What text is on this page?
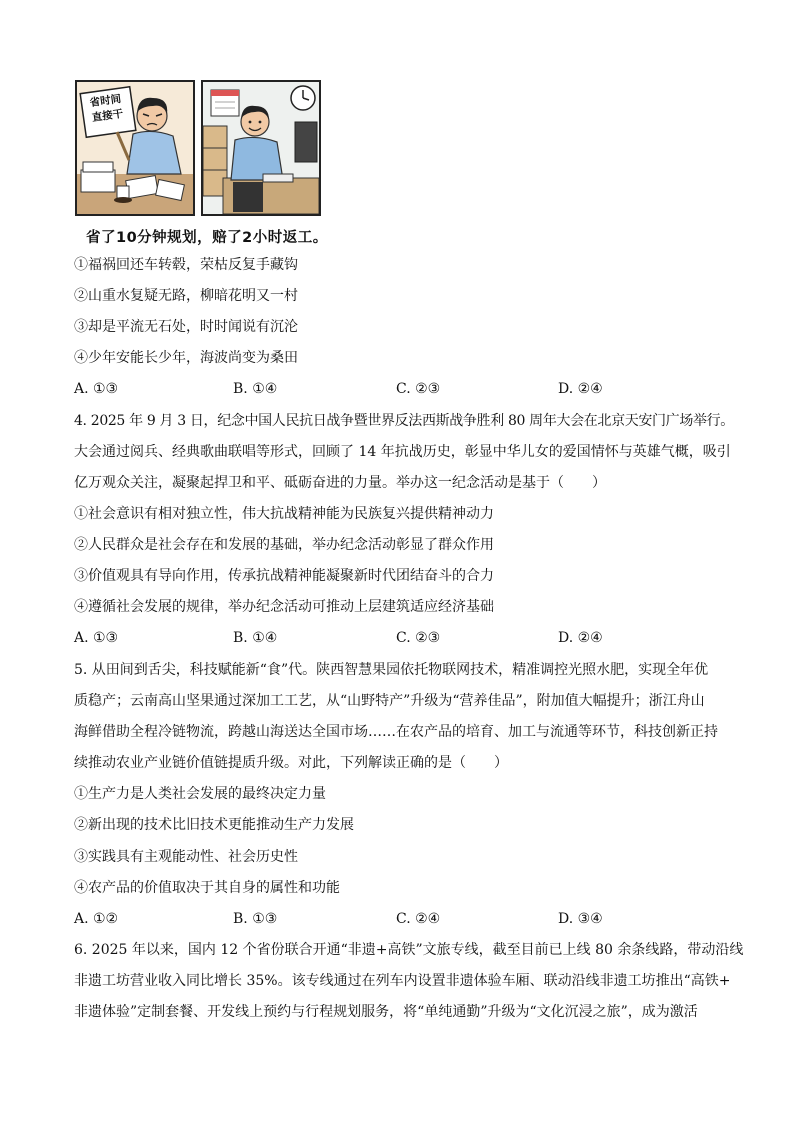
省时间
直接干
省了10分钟规划，赔了2小时返工。
①福祸回还车转毂，荣枯反复手藏钩
②山重水复疑无路，柳暗花明又一村
③却是平流无石处，时时闻说有沉沦
④少年安能长少年，海波尚变为桑田
A. ①③	B. ①④	C. ②③	D. ②④
4. 2025 年 9 月 3 日，纪念中国人民抗日战争暨世界反法西斯战争胜利 80 周年大会在北京天安门广场举行。
大会通过阅兵、经典歌曲联唱等形式，回顾了 14 年抗战历史，彰显中华儿女的爱国情怀与英雄气概，吸引
亿万观众关注，凝聚起捍卫和平、砥砺奋进的力量。举办这一纪念活动是基于（　　）
①社会意识有相对独立性，伟大抗战精神能为民族复兴提供精神动力
②人民群众是社会存在和发展的基础，举办纪念活动彰显了群众作用
③价值观具有导向作用，传承抗战精神能凝聚新时代团结奋斗的合力
④遵循社会发展的规律，举办纪念活动可推动上层建筑适应经济基础
A. ①③	B. ①④	C. ②③	D. ②④
5. 从田间到舌尖，科技赋能新“食”代。陕西智慧果园依托物联网技术，精准调控光照水肥，实现全年优
质稳产；云南高山坚果通过深加工工艺，从“山野特产”升级为“营养佳品”，附加值大幅提升；浙江舟山
海鲜借助全程冷链物流，跨越山海送达全国市场……在农产品的培育、加工与流通等环节，科技创新正持
续推动农业产业链价值链提质升级。对此，下列解读正确的是（　　）
①生产力是人类社会发展的最终决定力量
②新出现的技术比旧技术更能推动生产力发展
③实践具有主观能动性、社会历史性
④农产品的价值取决于其自身的属性和功能
A. ①②	B. ①③	C. ②④	D. ③④
6. 2025 年以来，国内 12 个省份联合开通“非遗+高铁”文旅专线，截至目前已上线 80 余条线路，带动沿线
非遗工坊营业收入同比增长 35%。该专线通过在列车内设置非遗体验车厢、联动沿线非遗工坊推出“高铁+
非遗体验”定制套餐、开发线上预约与行程规划服务，将“单纯通勤”升级为“文化沉浸之旅”，成为激活
